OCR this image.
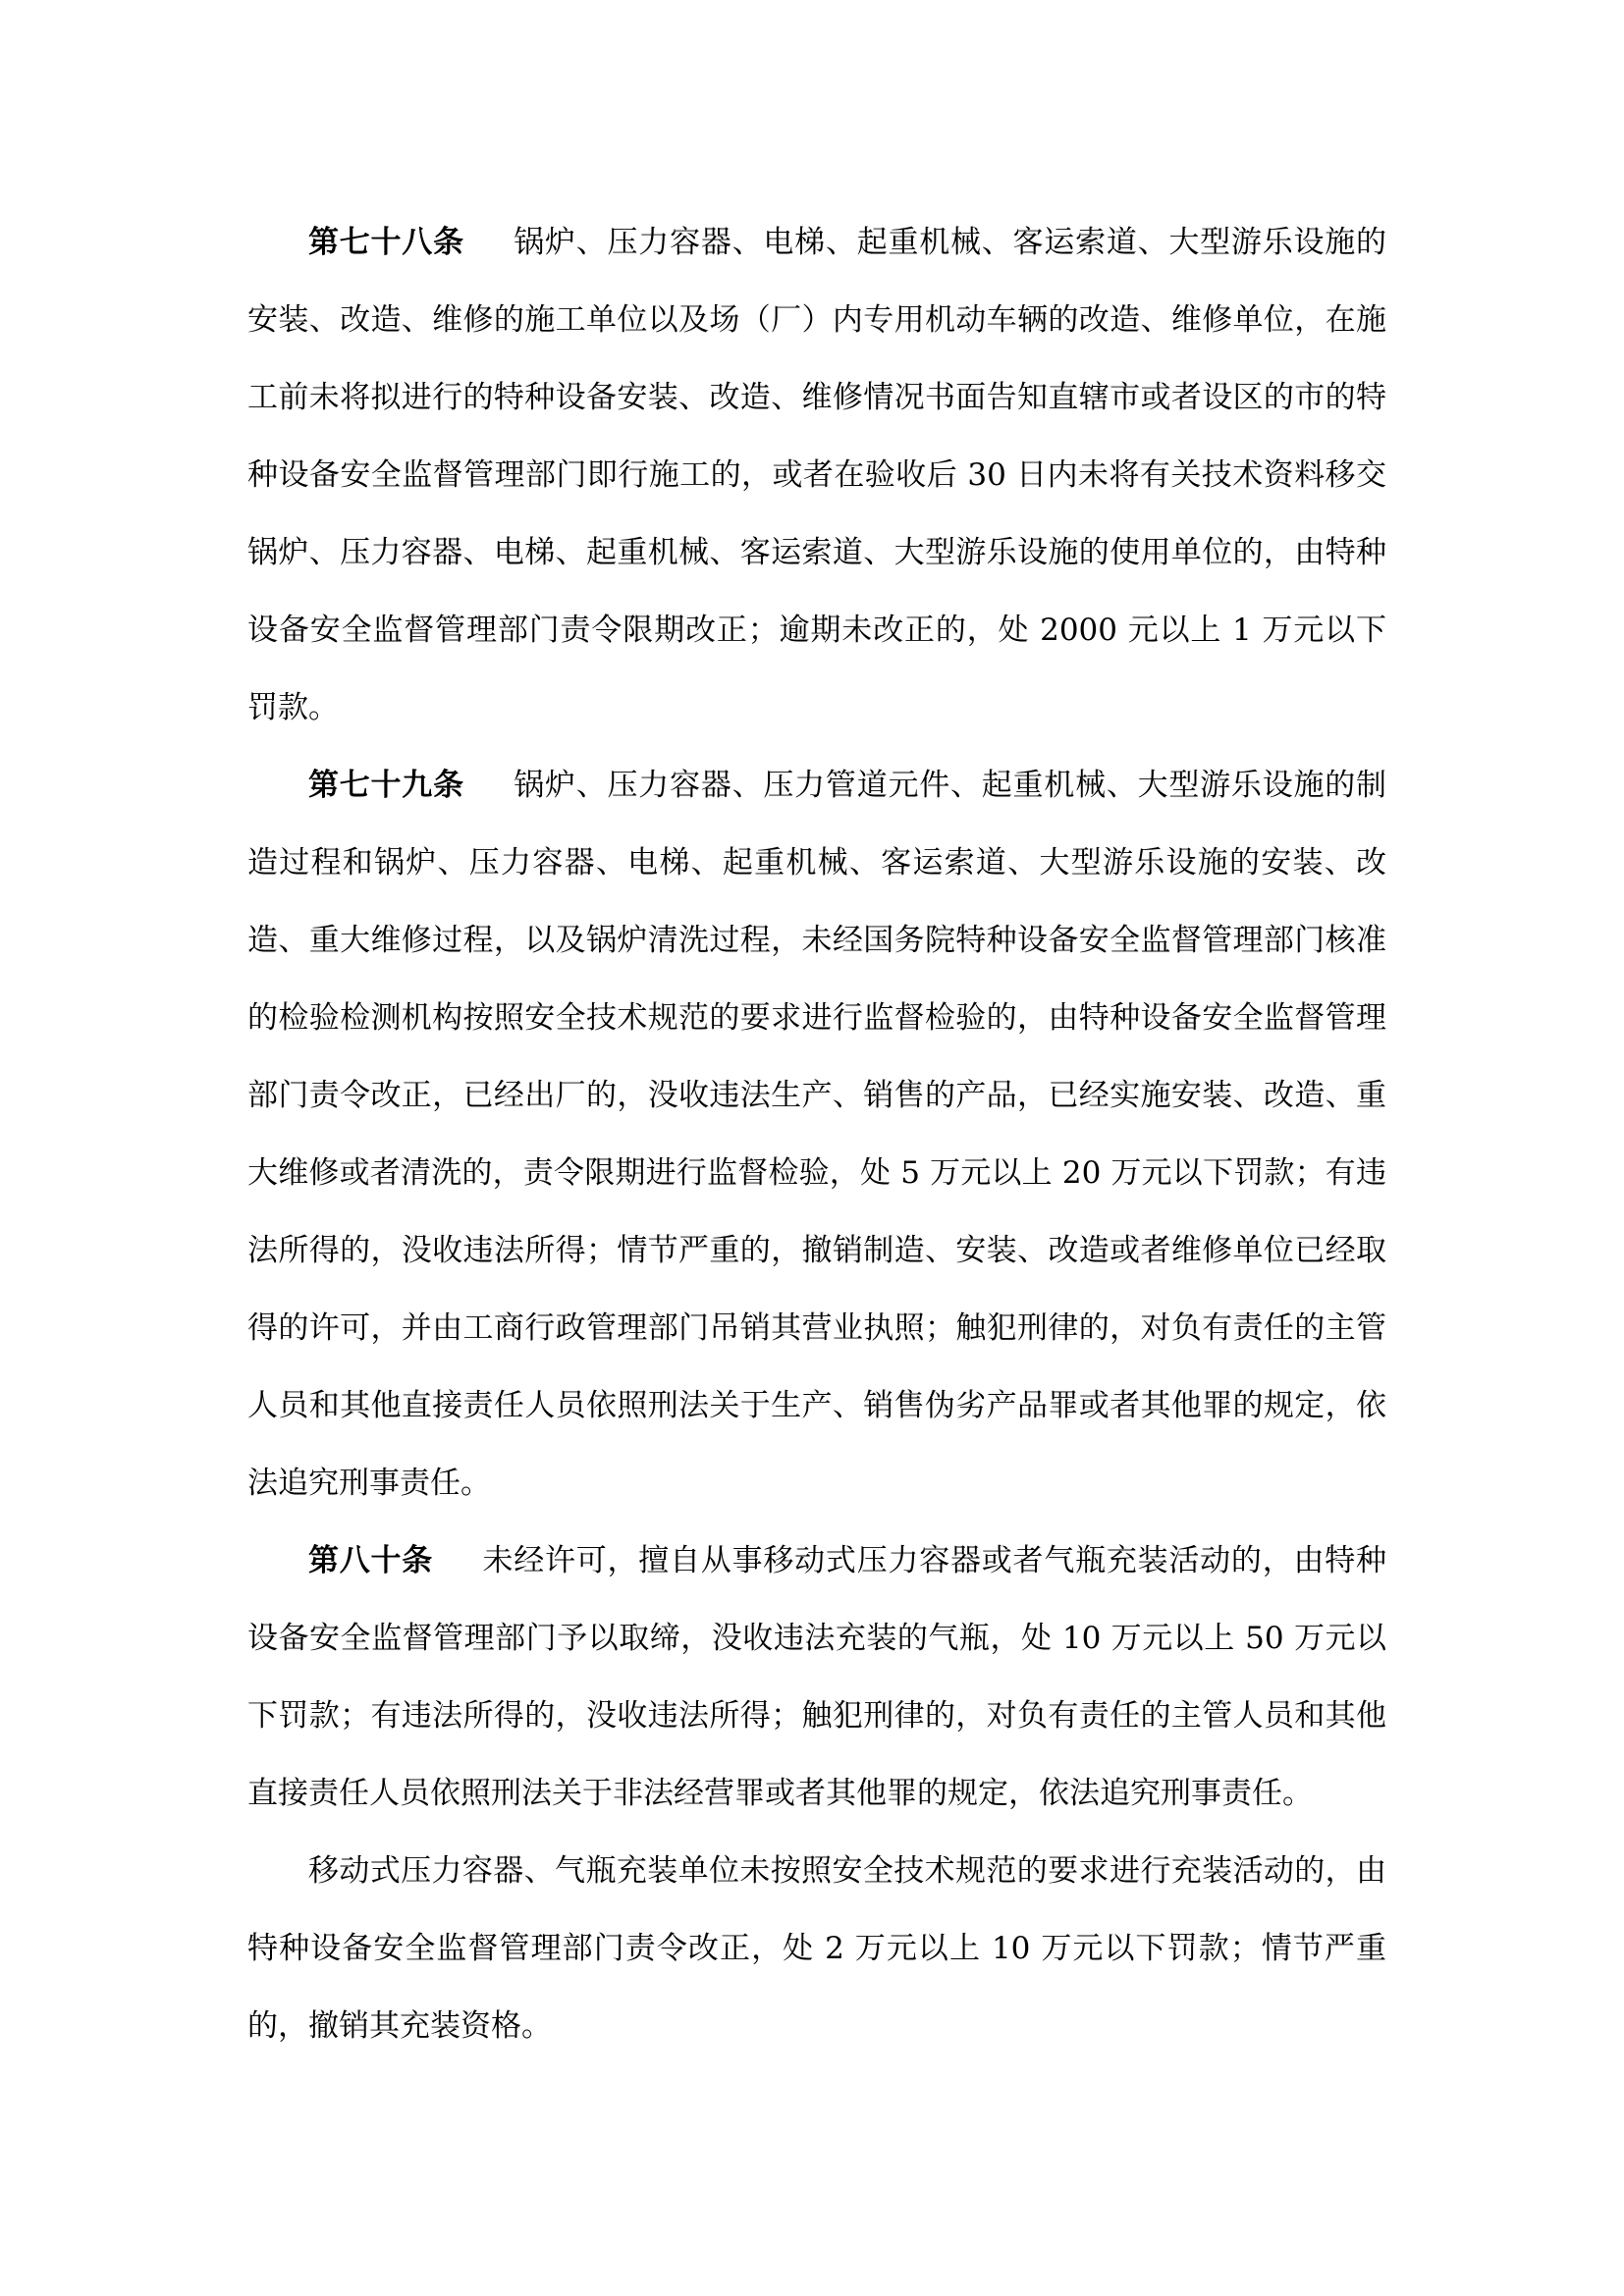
第七十八条 锅炉、压力容器、电梯、起重机械、客运索道、大型游乐设施的安装、改造、维修的施工单位以及场（厂）内专用机动车辆的改造、维修单位，在施工前未将拟进行的特种设备安装、改造、维修情况书面告知直辖市或者设区的市的特种设备安全监督管理部门即行施工的，或者在验收后 30 日内未将有关技术资料移交锅炉、压力容器、电梯、起重机械、客运索道、大型游乐设施的使用单位的，由特种设备安全监督管理部门责令限期改正；逾期未改正的，处 2000 元以上 1 万元以下罚款。

第七十九条 锅炉、压力容器、压力管道元件、起重机械、大型游乐设施的制造过程和锅炉、压力容器、电梯、起重机械、客运索道、大型游乐设施的安装、改造、重大维修过程，以及锅炉清洗过程，未经国务院特种设备安全监督管理部门核准的检验检测机构按照安全技术规范的要求进行监督检验的，由特种设备安全监督管理部门责令改正，已经出厂的，没收违法生产、销售的产品，已经实施安装、改造、重大维修或者清洗的，责令限期进行监督检验，处 5 万元以上 20 万元以下罚款；有违法所得的，没收违法所得；情节严重的，撤销制造、安装、改造或者维修单位已经取得的许可，并由工商行政管理部门吊销其营业执照；触犯刑律的，对负有责任的主管人员和其他直接责任人员依照刑法关于生产、销售伪劣产品罪或者其他罪的规定，依法追究刑事责任。

第八十条 未经许可，擅自从事移动式压力容器或者气瓶充装活动的，由特种设备安全监督管理部门予以取缔，没收违法充装的气瓶，处 10 万元以上 50 万元以下罚款；有违法所得的，没收违法所得；触犯刑律的，对负有责任的主管人员和其他直接责任人员依照刑法关于非法经营罪或者其他罪的规定，依法追究刑事责任。

移动式压力容器、气瓶充装单位未按照安全技术规范的要求进行充装活动的，由特种设备安全监督管理部门责令改正，处 2 万元以上 10 万元以下罚款；情节严重的，撤销其充装资格。
